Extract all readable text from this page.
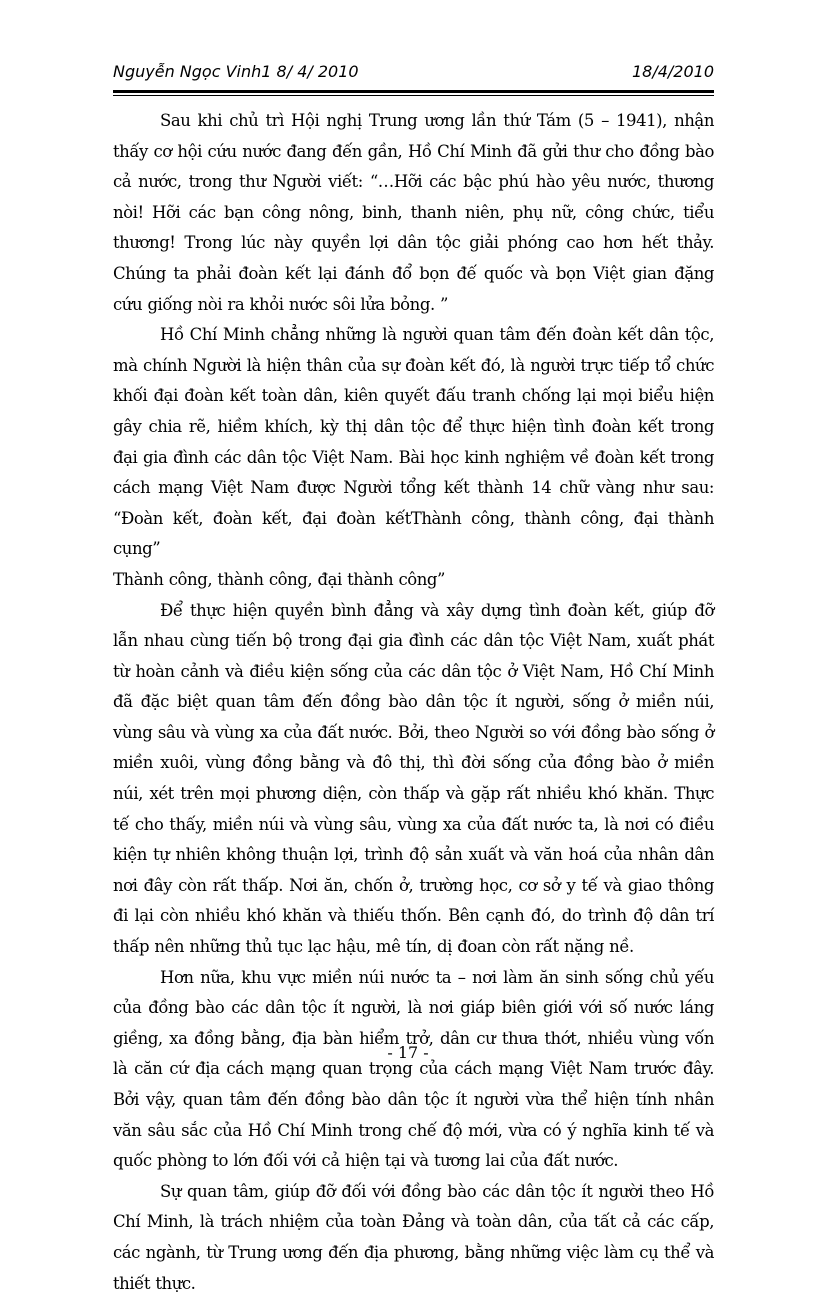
Nguyễn Ngọc Vinh1 8/ 4/ 2010	18/4/2010

Sau khi chủ trì Hội nghị Trung ương lần thứ Tám (5 – 1941), nhận thấy cơ hội cứu nước đang đến gần, Hồ Chí Minh đã gửi thư cho đồng bào cả nước, trong thư Người viết: “…Hỡi các bậc phú hào yêu nước, thương nòi! Hỡi các bạn công nông, binh, thanh niên, phụ nữ, công chức, tiểu thương! Trong lúc này quyền lợi dân tộc giải phóng cao hơn hết thảy. Chúng ta phải đoàn kết lại đánh đổ bọn đế quốc và bọn Việt gian đặng cứu giống nòi ra khỏi nước sôi lửa bỏng. ”

Hồ Chí Minh chẳng những là người quan tâm đến đoàn kết dân tộc, mà chính Người là hiện thân của sự đoàn kết đó, là người trực tiếp tổ chức khối đại đoàn kết toàn dân, kiên quyết đấu tranh chống lại mọi biểu hiện gây chia rẽ, hiềm khích, kỳ thị dân tộc để thực hiện tình đoàn kết trong đại gia đình các dân tộc Việt Nam. Bài học kinh nghiệm về đoàn kết trong cách mạng Việt Nam được Người tổng kết thành 14 chữ vàng như sau: “Đoàn kết, đoàn kết, đại đoàn kếtThành công, thành công, đại thành cụng”

Thành công, thành công, đại thành công”

Để thực hiện quyền bình đẳng và xây dựng tình đoàn kết, giúp đỡ lẫn nhau cùng tiến bộ trong đại gia đình các dân tộc Việt Nam, xuất phát từ hoàn cảnh và điều kiện sống của các dân tộc ở Việt Nam, Hồ Chí Minh đã đặc biệt quan tâm đến đồng bào dân tộc ít người, sống ở miền núi, vùng sâu và vùng xa của đất nước. Bởi, theo Người so với đồng bào sống ở miền xuôi, vùng đồng bằng và đô thị, thì đời sống của đồng bào ở miền núi, xét trên mọi phương diện, còn thấp và gặp rất nhiều khó khăn. Thực tế cho thấy, miền núi và vùng sâu, vùng xa của đất nước ta, là nơi có điều kiện tự nhiên không thuận lợi, trình độ sản xuất và văn hoá của nhân dân nơi đây còn rất thấp. Nơi ăn, chốn ở, trường học, cơ sở y tế và giao thông đi lại còn nhiều khó khăn và thiếu thốn. Bên cạnh đó, do trình độ dân trí thấp nên những thủ tục lạc hậu, mê tín, dị đoan còn rất nặng nề.

Hơn nữa, khu vực miền núi nước ta – nơi làm ăn sinh sống chủ yếu của đồng bào các dân tộc ít người, là nơi giáp biên giới với số nước láng giềng, xa đồng bằng, địa bàn hiểm trở, dân cư thưa thớt, nhiều vùng vốn là căn cứ địa cách mạng quan trọng của cách mạng Việt Nam trước đây. Bởi vậy, quan tâm đến đồng bào dân tộc ít người vừa thể hiện tính nhân văn sâu sắc của Hồ Chí Minh trong chế độ mới, vừa có ý nghĩa kinh tế và quốc phòng to lớn đối với cả hiện tại và tương lai của đất nước.

Sự quan tâm, giúp đỡ đối với đồng bào các dân tộc ít người theo Hồ Chí Minh, là trách nhiệm của toàn Đảng và toàn dân, của tất cả các cấp, các ngành, từ Trung ương đến địa phương, bằng những việc làm cụ thể và thiết thực.

- 17 -
